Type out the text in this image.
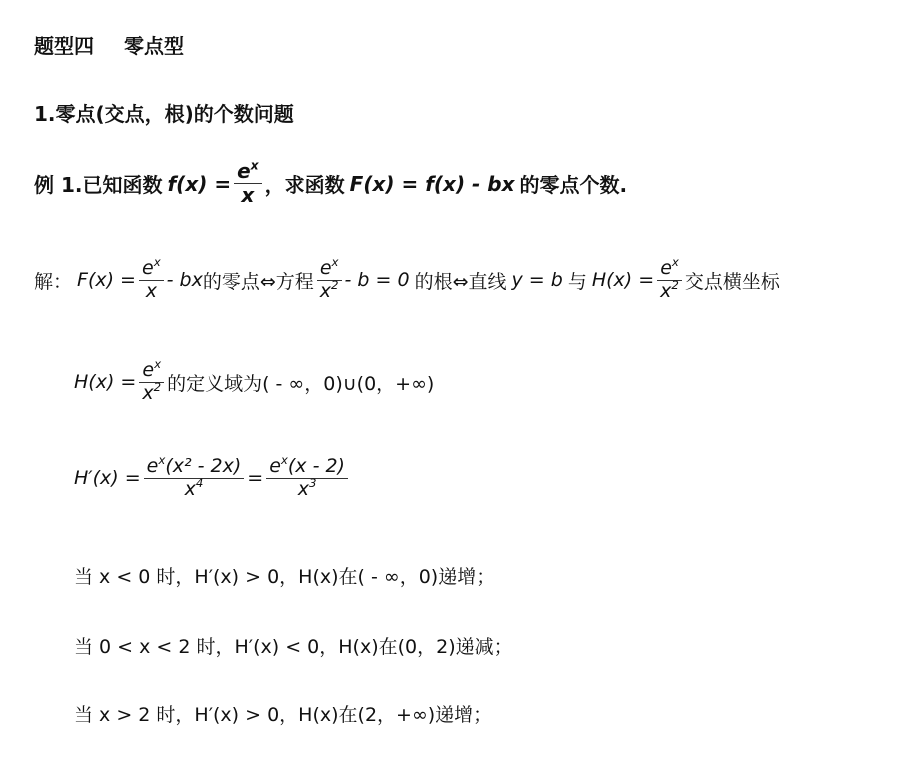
题型四 零点型
1.零点(交点，根)的个数问题
例 1.已知函数 $f(x) = \frac{e^x}{x}$ ，求函数 F(x) = f(x) - bx 的零点个数.
解： $F(x) = \frac{e^x}{x}$ - bx 的零点⇔方程 $\frac{e^x}{x^2} - b = 0$ 的根⇔直线 y = b 与 $H(x) = \frac{e^x}{x^2}$ 交点横坐标
$H(x) = \frac{e^x}{x^2}$ 的定义域为( - ∞，0)∪(0，+∞)
$H'(x) = \frac{e^x(x^2 - 2x)}{x^4} = \frac{e^x(x - 2)}{x^3}$
当 x < 0 时，H′(x) > 0，H(x)在( - ∞，0)递增；
当 0 < x < 2 时，H′(x) < 0，H(x)在(0，2)递减；
当 x > 2 时，H′(x) > 0，H(x)在(2，+∞)递增；
